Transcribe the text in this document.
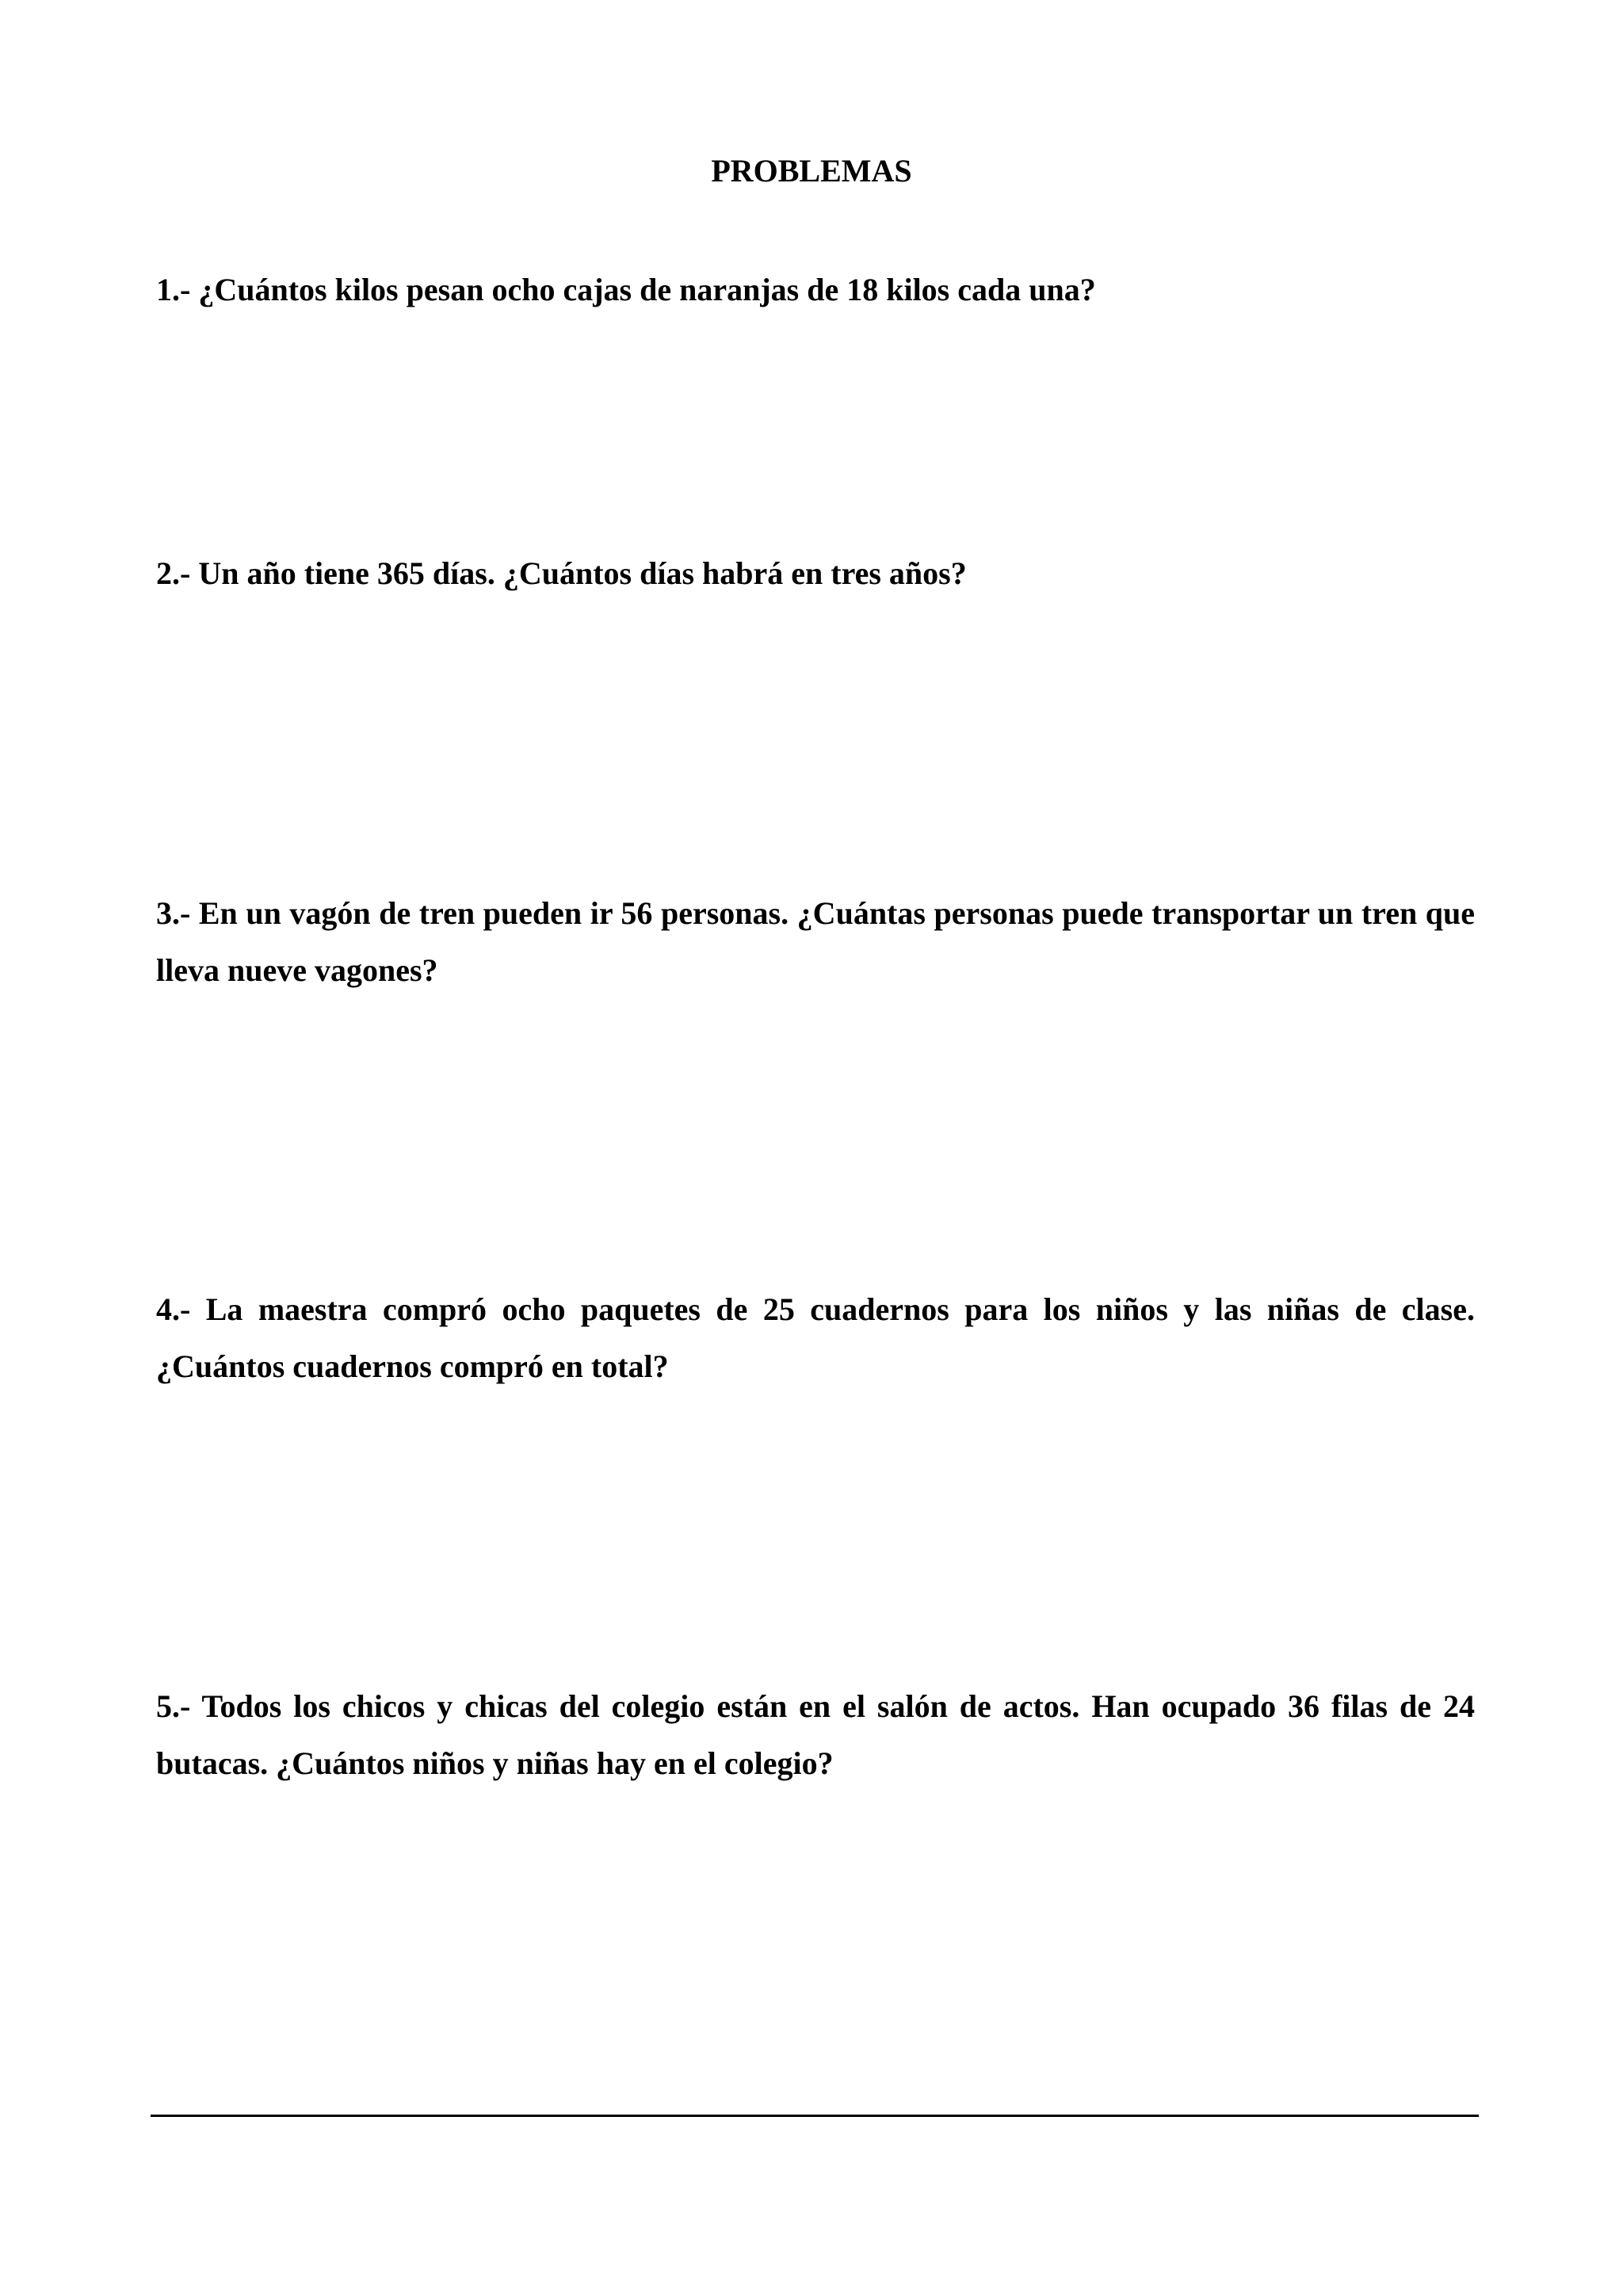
PROBLEMAS

1.- ¿Cuántos kilos pesan ocho cajas de naranjas de 18 kilos cada una?

2.- Un año tiene 365 días. ¿Cuántos días habrá en tres años?

3.- En un vagón de tren pueden ir 56 personas. ¿Cuántas personas puede transportar un tren que lleva nueve vagones?

4.- La maestra compró ocho paquetes de 25 cuadernos para los niños y las niñas de clase. ¿Cuántos cuadernos compró en total?

5.- Todos los chicos y chicas del colegio están en el salón de actos. Han ocupado 36 filas de 24 butacas. ¿Cuántos niños y niñas hay en el colegio?
